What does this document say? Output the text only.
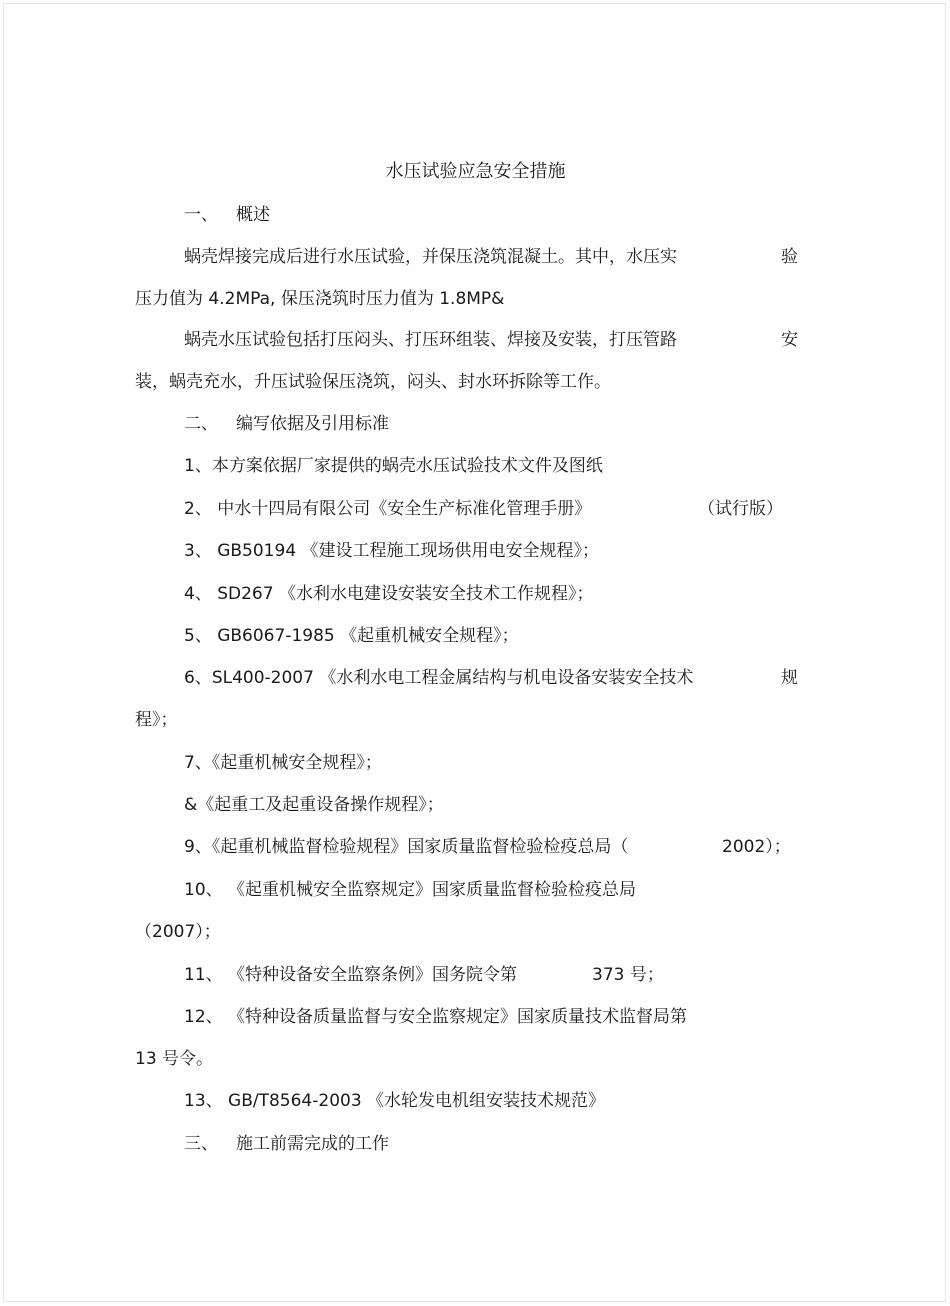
水压试验应急安全措施
一、 概述
蜗壳焊接完成后进行水压试验，并保压浇筑混凝土。其中，水压实	验
压力值为 4.2MPa, 保压浇筑时压力值为 1.8MP&
蜗壳水压试验包括打压闷头、打压环组装、焊接及安装，打压管路	安
装，蜗壳充水，升压试验保压浇筑，闷头、封水环拆除等工作。
二、 编写依据及引用标准
1、本方案依据厂家提供的蜗壳水压试验技术文件及图纸
2、 中水十四局有限公司《安全生产标准化管理手册》	（试行版）
3、 GB50194 《建设工程施工现场供用电安全规程》；
4、 SD267 《水利水电建设安装安全技术工作规程》；
5、 GB6067-1985 《起重机械安全规程》；
6、SL400-2007 《水利水电工程金属结构与机电设备安装安全技术	规
程》；
7、《起重机械安全规程》；
&《起重工及起重设备操作规程》；
9、《起重机械监督检验规程》国家质量监督检验检疫总局（	2002）；
10、 《起重机械安全监察规定》国家质量监督检验检疫总局
（2007）；
11、 《特种设备安全监察条例》国务院令第	373 号；
12、 《特种设备质量监督与安全监察规定》国家质量技术监督局第
13 号令。
13、 GB/T8564-2003 《水轮发电机组安装技术规范》
三、 施工前需完成的工作
